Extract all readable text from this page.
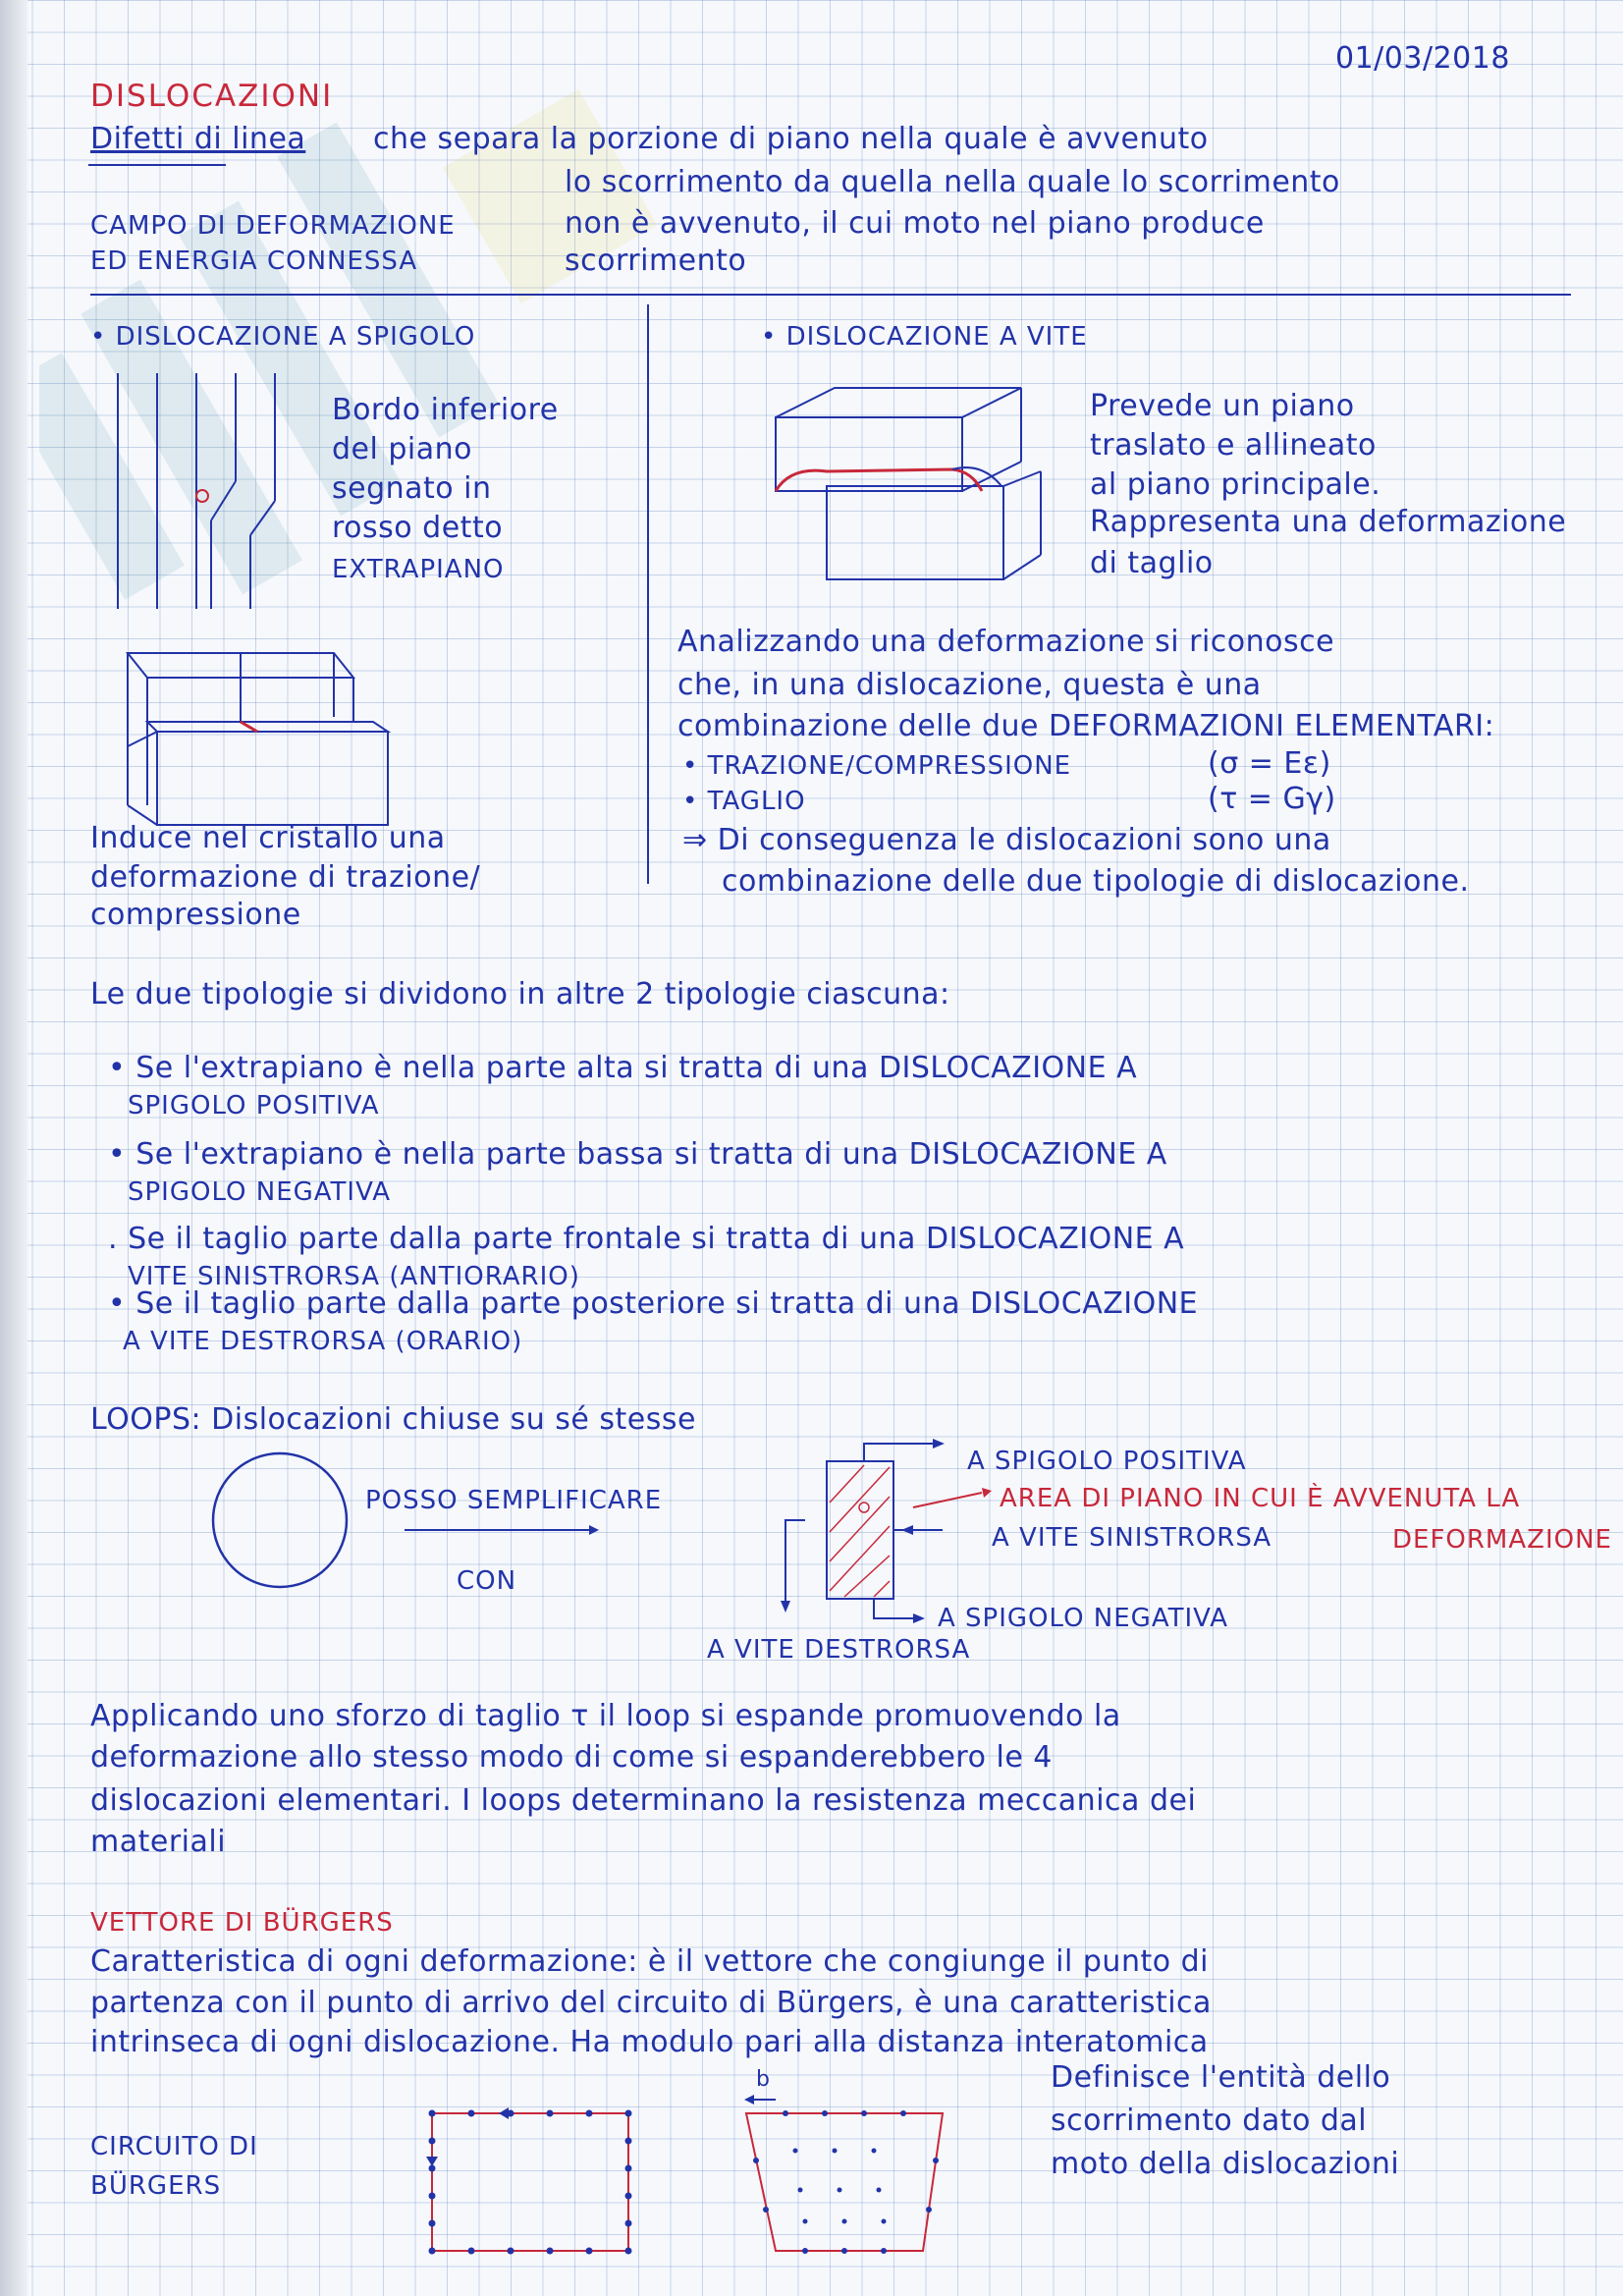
01/03/2018
DISLOCAZIONI
Difetti di linea che separa la porzione di piano nella quale è avvenuto
lo scorrimento da quella nella quale lo scorrimento
non è avvenuto, il cui moto nel piano produce
scorrimento
CAMPO DI DEFORMAZIONE
ED ENERGIA CONNESSA
• DISLOCAZIONE A SPIGOLO
Bordo inferiore
del piano
segnato in
rosso detto
EXTRAPIANO
Induce nel cristallo una
deformazione di trazione/
compressione
• DISLOCAZIONE A VITE
Prevede un piano
traslato e allineato
al piano principale.
Rappresenta una deformazione
di taglio
Analizzando una deformazione si riconosce
che, in una dislocazione, questa è una
combinazione delle due DEFORMAZIONI ELEMENTARI:
• TRAZIONE/COMPRESSIONE	(σ = Eε)
• TAGLIO	(τ = Gγ)
⇒ Di conseguenza le dislocazioni sono una
combinazione delle due tipologie di dislocazione.
Le due tipologie si dividono in altre 2 tipologie ciascuna:
• Se l'extrapiano è nella parte alta si tratta di una DISLOCAZIONE A
SPIGOLO POSITIVA
• Se l'extrapiano è nella parte bassa si tratta di una DISLOCAZIONE A
SPIGOLO NEGATIVA
. Se il taglio parte dalla parte frontale si tratta di una DISLOCAZIONE A
VITE SINISTRORSA (ANTIORARIO)
• Se il taglio parte dalla parte posteriore si tratta di una DISLOCAZIONE
A VITE DESTRORSA (ORARIO)
LOOPS: Dislocazioni chiuse su sé stesse
POSSO SEMPLIFICARE
CON
A SPIGOLO POSITIVA
AREA DI PIANO IN CUI È AVVENUTA LA
DEFORMAZIONE
A VITE SINISTRORSA
A SPIGOLO NEGATIVA
A VITE DESTRORSA
Applicando uno sforzo di taglio τ il loop si espande promuovendo la
deformazione allo stesso modo di come si espanderebbero le 4
dislocazioni elementari. I loops determinano la resistenza meccanica dei
materiali
VETTORE DI BÜRGERS
Caratteristica di ogni deformazione: è il vettore che congiunge il punto di
partenza con il punto di arrivo del circuito di Bürgers, è una caratteristica
intrinseca di ogni dislocazione. Ha modulo pari alla distanza interatomica
CIRCUITO DI
BÜRGERS
Definisce l'entità dello
scorrimento dato dal
moto della dislocazioni
b
